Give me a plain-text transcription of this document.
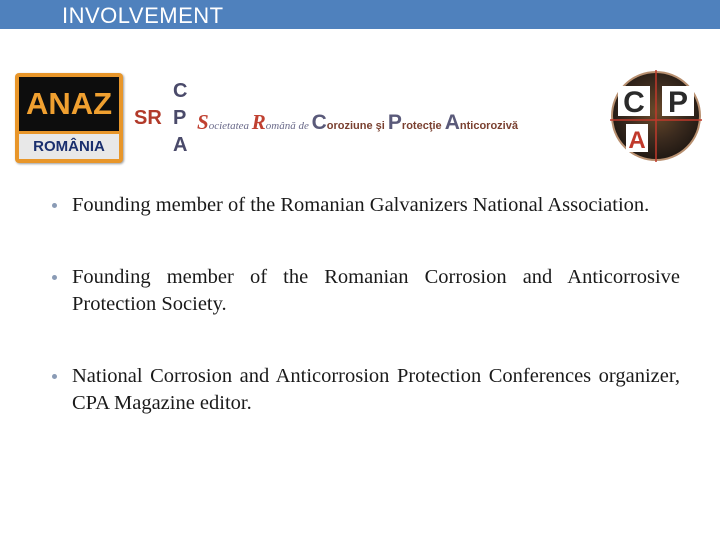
INVOLVEMENT
ANAZ
ROMÂNIA
SR
C
P
A
Societatea Română de Coroziune şi Protecţie Anticorozivă
C P
A
Founding member of the Romanian Galvanizers National Association.
Founding member of the Romanian Corrosion and Anticorrosive Protection Society.
National Corrosion and Anticorrosion Protection Conferences organizer, CPA Magazine editor.
